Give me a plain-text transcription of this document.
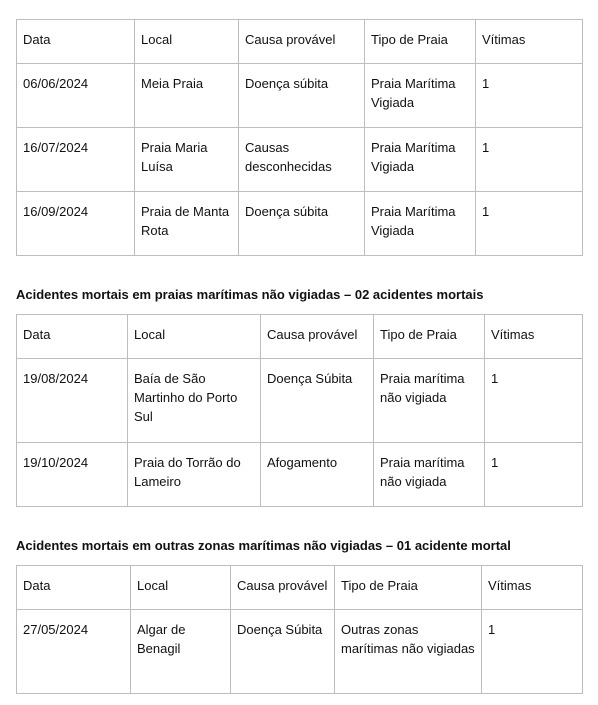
Data	Local	Causa provável	Tipo de Praia	Vítimas
06/06/2024	Meia Praia	Doença súbita	Praia Marítima Vigiada	1
16/07/2024	Praia Maria Luísa	Causas desconhecidas	Praia Marítima Vigiada	1
16/09/2024	Praia de Manta Rota	Doença súbita	Praia Marítima Vigiada	1
Acidentes mortais em praias marítimas não vigiadas – 02 acidentes mortais
Data	Local	Causa provável	Tipo de Praia	Vítimas
19/08/2024	Baía de São Martinho do Porto Sul	Doença Súbita	Praia marítima não vigiada	1
19/10/2024	Praia do Torrão do Lameiro	Afogamento	Praia marítima não vigiada	1
Acidentes mortais em outras zonas marítimas não vigiadas – 01 acidente mortal
Data	Local	Causa provável	Tipo de Praia	Vítimas
27/05/2024	Algar de Benagil	Doença Súbita	Outras zonas marítimas não vigiadas	1
